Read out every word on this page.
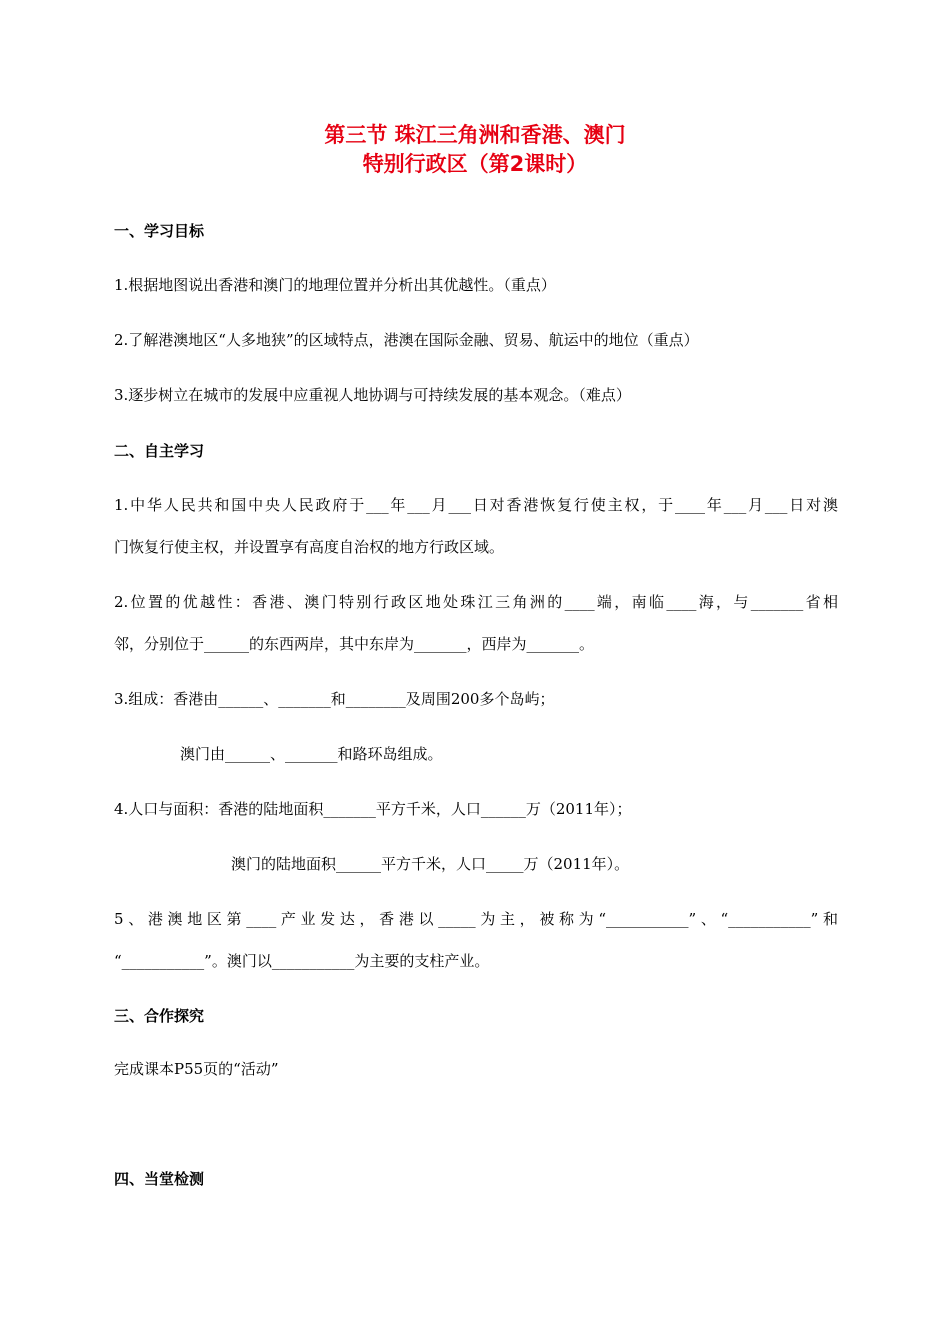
第三节 珠江三角洲和香港、澳门
特别行政区（第2课时）
一、学习目标
1.根据地图说出香港和澳门的地理位置并分析出其优越性。（重点）
2.了解港澳地区“人多地狭”的区域特点，港澳在国际金融、贸易、航运中的地位（重点）
3.逐步树立在城市的发展中应重视人地协调与可持续发展的基本观念。（难点）
二、自主学习
1.中华人民共和国中央人民政府于___年___月___日对香港恢复行使主权，于____年___月___日对澳
门恢复行使主权，并设置享有高度自治权的地方行政区域。
2.位置的优越性：香港、澳门特别行政区地处珠江三角洲的____端，南临____海，与_______省相
邻，分别位于______的东西两岸，其中东岸为_______，西岸为_______。
3.组成：香港由______、_______和________及周围200多个岛屿；
澳门由______、_______和路环岛组成。
4.人口与面积：香港的陆地面积_______平方千米，人口______万（2011年）；
澳门的陆地面积______平方千米，人口_____万（2011年）。
5、港澳地区第____产业发达，香港以_____为主，被称为“___________”、“___________”和
“___________”。澳门以___________为主要的支柱产业。
三、合作探究
完成课本P55页的“活动”
四、当堂检测
